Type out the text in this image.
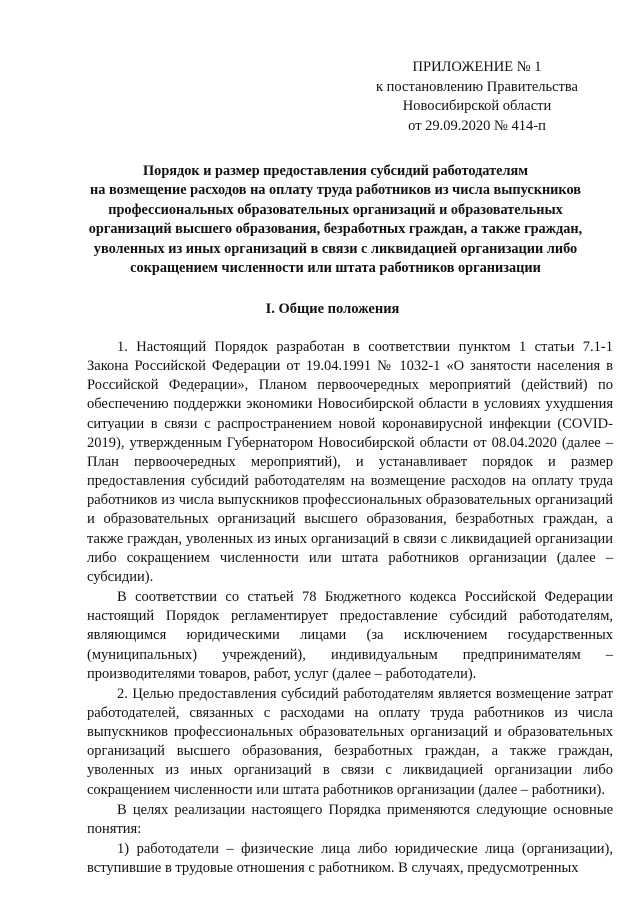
ПРИЛОЖЕНИЕ № 1
к постановлению Правительства
Новосибирской области
от 29.09.2020 № 414-п
Порядок и размер предоставления субсидий работодателям
на возмещение расходов на оплату труда работников из числа выпускников
профессиональных образовательных организаций и образовательных
организаций высшего образования, безработных граждан, а также граждан,
уволенных из иных организаций в связи с ликвидацией организации либо
сокращением численности или штата работников организации
I. Общие положения

1. Настоящий Порядок разработан в соответствии пунктом 1 статьи 7.1-1 Закона Российской Федерации от 19.04.1991 № 1032-1 «О занятости населения в Российской Федерации», Планом первоочередных мероприятий (действий) по обеспечению поддержки экономики Новосибирской области в условиях ухудшения ситуации в связи с распространением новой коронавирусной инфекции (COVID-2019), утвержденным Губернатором Новосибирской области от 08.04.2020 (далее – План первоочередных мероприятий), и устанавливает порядок и размер предоставления субсидий работодателям на возмещение расходов на оплату труда работников из числа выпускников профессиональных образовательных организаций и образовательных организаций высшего образования, безработных граждан, а также граждан, уволенных из иных организаций в связи с ликвидацией организации либо сокращением численности или штата работников организации (далее – субсидии).

В соответствии со статьей 78 Бюджетного кодекса Российской Федерации настоящий Порядок регламентирует предоставление субсидий работодателям, являющимся юридическими лицами (за исключением государственных (муниципальных) учреждений), индивидуальным предпринимателям – производителями товаров, работ, услуг (далее – работодатели).

2. Целью предоставления субсидий работодателям является возмещение затрат работодателей, связанных с расходами на оплату труда работников из числа выпускников профессиональных образовательных организаций и образовательных организаций высшего образования, безработных граждан, а также граждан, уволенных из иных организаций в связи с ликвидацией организации либо сокращением численности или штата работников организации (далее – работники).

В целях реализации настоящего Порядка применяются следующие основные понятия:

1) работодатели – физические лица либо юридические лица (организации), вступившие в трудовые отношения с работником. В случаях, предусмотренных
